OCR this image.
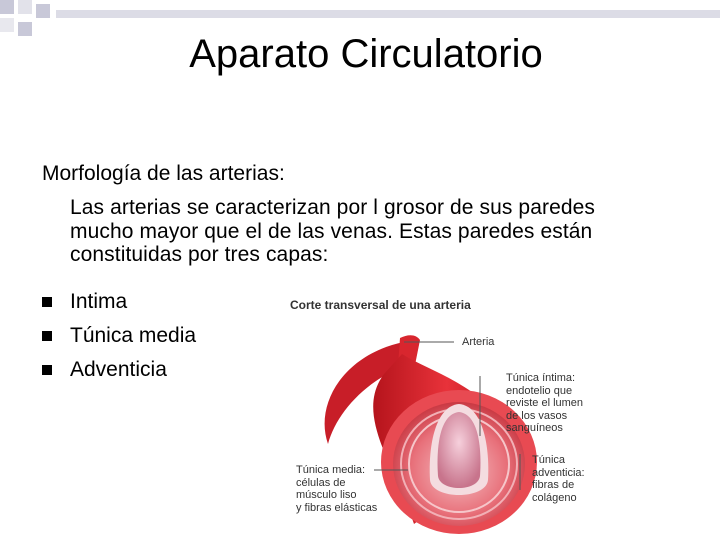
Aparato Circulatorio
Morfología de las arterias:
Las arterias se caracterizan por l grosor de sus paredes
mucho mayor que el de las venas. Estas paredes están
constituidas por tres capas:
Intima
Túnica media
Adventicia
Corte transversal de una arteria
Arteria
Túnica íntima:
endotelio que
reviste el lumen
de los vasos
sanguíneos
Túnica media:
células de
músculo liso
y fibras elásticas
Túnica
adventicia:
fibras de
colágeno
